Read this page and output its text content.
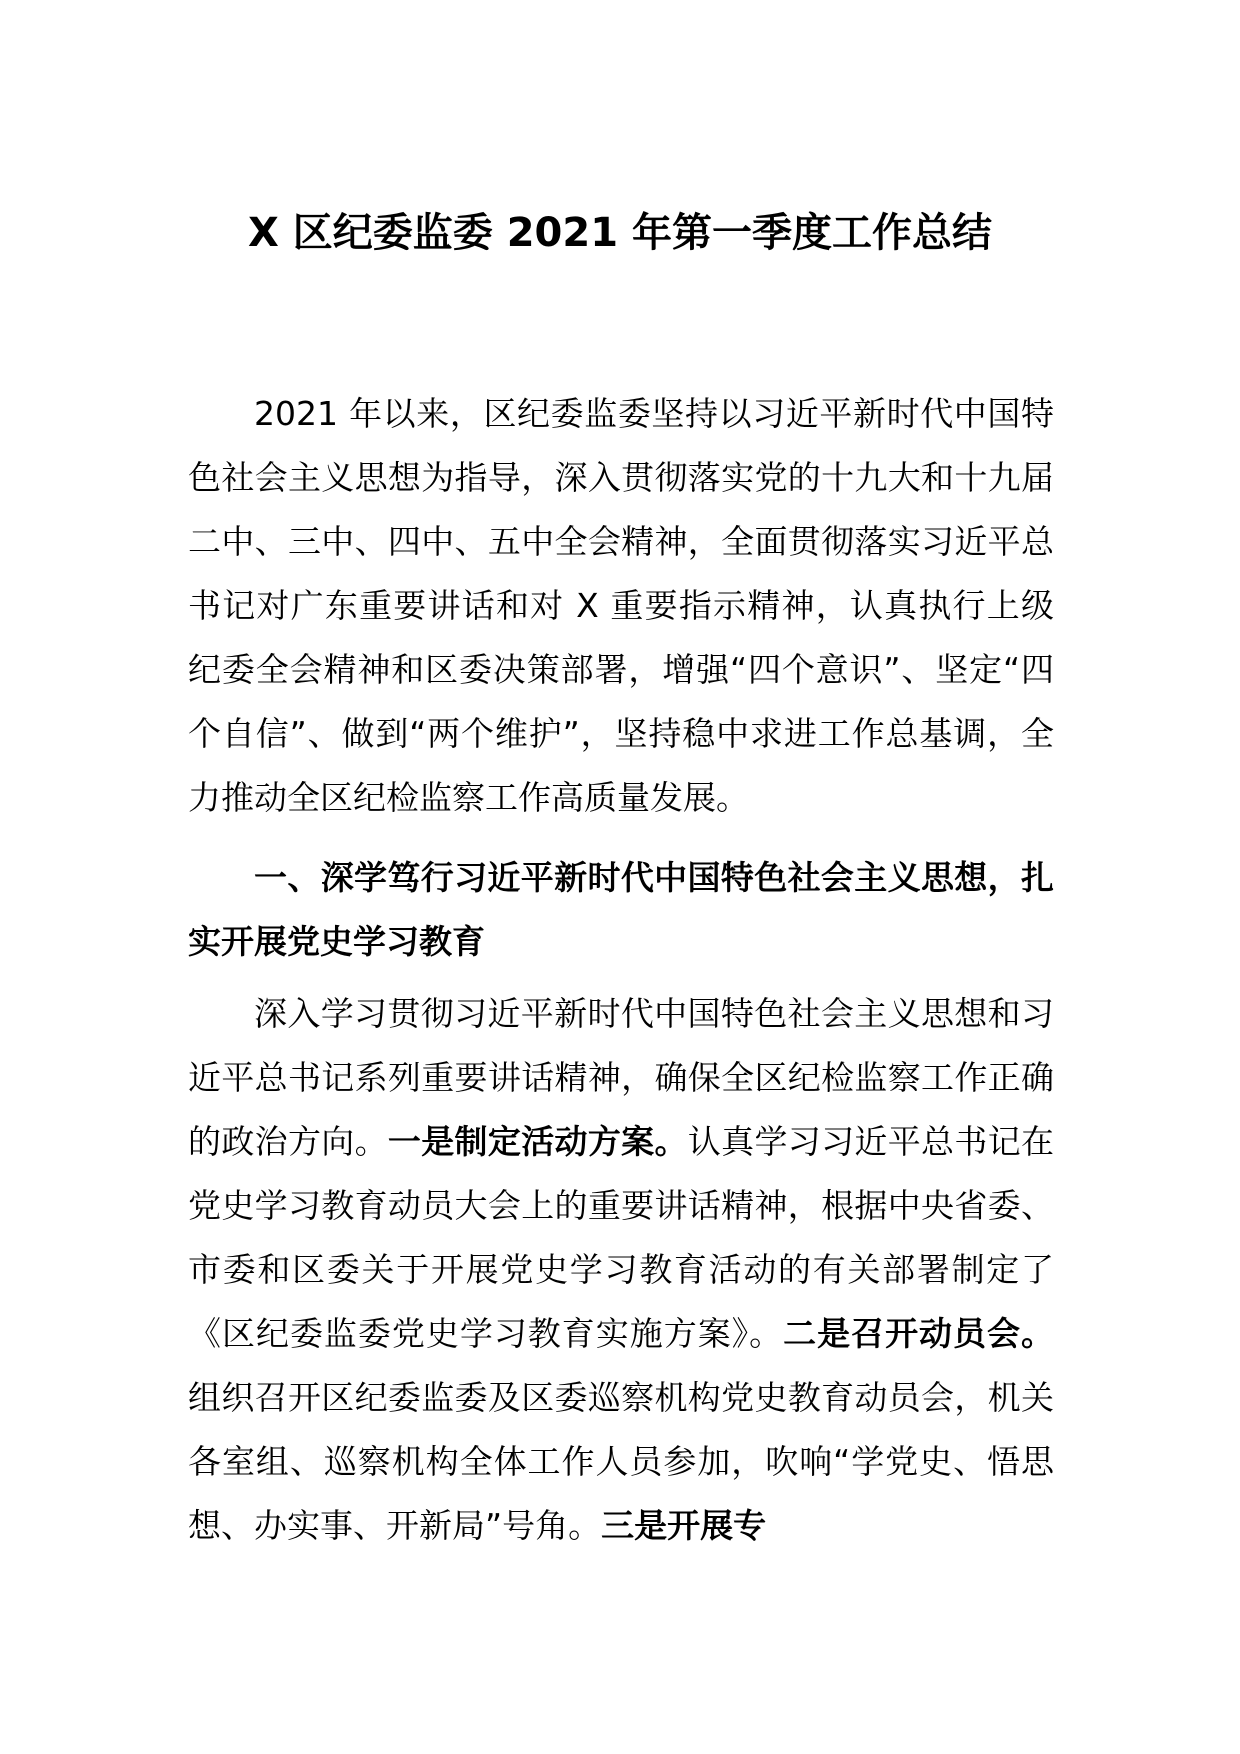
X 区纪委监委 2021 年第一季度工作总结

2021 年以来，区纪委监委坚持以习近平新时代中国特色社会主义思想为指导，深入贯彻落实党的十九大和十九届二中、三中、四中、五中全会精神，全面贯彻落实习近平总书记对广东重要讲话和对 X 重要指示精神，认真执行上级纪委全会精神和区委决策部署，增强“四个意识”、坚定“四个自信”、做到“两个维护”，坚持稳中求进工作总基调，全力推动全区纪检监察工作高质量发展。

一、深学笃行习近平新时代中国特色社会主义思想，扎实开展党史学习教育

深入学习贯彻习近平新时代中国特色社会主义思想和习近平总书记系列重要讲话精神，确保全区纪检监察工作正确的政治方向。一是制定活动方案。认真学习习近平总书记在党史学习教育动员大会上的重要讲话精神，根据中央省委、市委和区委关于开展党史学习教育活动的有关部署制定了《区纪委监委党史学习教育实施方案》。二是召开动员会。组织召开区纪委监委及区委巡察机构党史教育动员会，机关各室组、巡察机构全体工作人员参加，吹响“学党史、悟思想、办实事、开新局”号角。三是开展专
